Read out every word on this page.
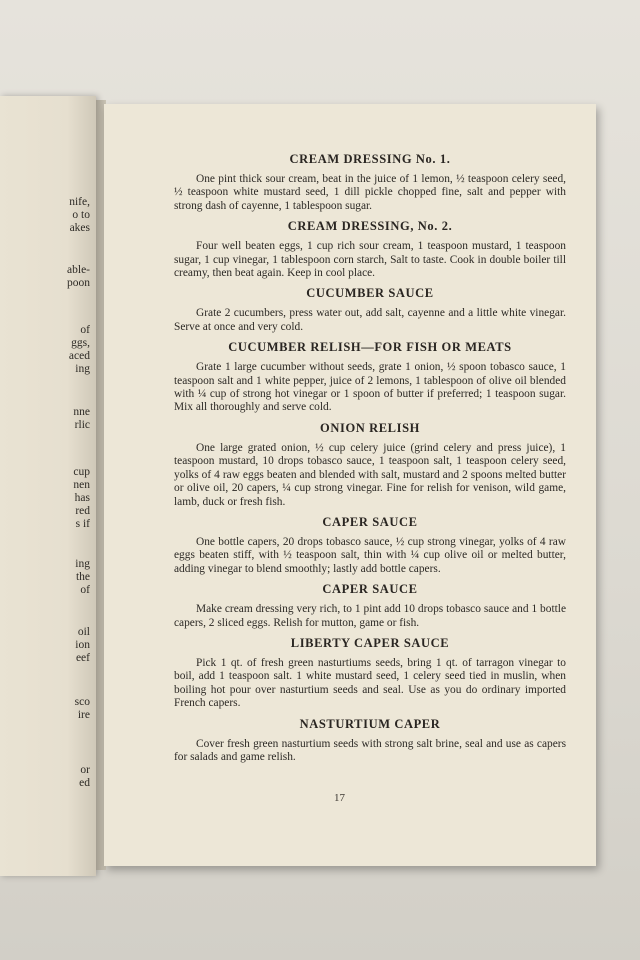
nife,
o to
akes
able-
poon
of
ggs,
aced
ing
nne
rlic
cup
nen
has
red
s if
ing
the
of
oil
ion
eef
sco
ire
or
ed
CREAM DRESSING No. 1.

One pint thick sour cream, beat in the juice of 1 lemon, ½ teaspoon celery seed, ½ teaspoon white mustard seed, 1 dill pickle chopped fine, salt and pepper with strong dash of cayenne, 1 tablespoon sugar.

CREAM DRESSING, No. 2.

Four well beaten eggs, 1 cup rich sour cream, 1 teaspoon mustard, 1 teaspoon sugar, 1 cup vinegar, 1 tablespoon corn starch, Salt to taste. Cook in double boiler till creamy, then beat again. Keep in cool place.

CUCUMBER SAUCE

Grate 2 cucumbers, press water out, add salt, cayenne and a little white vinegar. Serve at once and very cold.

CUCUMBER RELISH—FOR FISH OR MEATS

Grate 1 large cucumber without seeds, grate 1 onion, ½ spoon tobasco sauce, 1 teaspoon salt and 1 white pepper, juice of 2 lemons, 1 tablespoon of olive oil blended with ¼ cup of strong hot vinegar or 1 spoon of butter if preferred; 1 teaspoon sugar. Mix all thoroughly and serve cold.

ONION RELISH

One large grated onion, ½ cup celery juice (grind celery and press juice), 1 teaspoon mustard, 10 drops tobasco sauce, 1 teaspoon salt, 1 teaspoon celery seed, yolks of 4 raw eggs beaten and blended with salt, mustard and 2 spoons melted butter or olive oil, 20 capers, ¼ cup strong vinegar. Fine for relish for venison, wild game, lamb, duck or fresh fish.

CAPER SAUCE

One bottle capers, 20 drops tobasco sauce, ½ cup strong vinegar, yolks of 4 raw eggs beaten stiff, with ½ teaspoon salt, thin with ¼ cup olive oil or melted butter, adding vinegar to blend smoothly; lastly add bottle capers.

CAPER SAUCE

Make cream dressing very rich, to 1 pint add 10 drops tobasco sauce and 1 bottle capers, 2 sliced eggs. Relish for mutton, game or fish.

LIBERTY CAPER SAUCE

Pick 1 qt. of fresh green nasturtiums seeds, bring 1 qt. of tarragon vinegar to boil, add 1 teaspoon salt. 1 white mustard seed, 1 celery seed tied in muslin, when boiling hot pour over nasturtium seeds and seal. Use as you do ordinary imported French capers.

NASTURTIUM CAPER

Cover fresh green nasturtium seeds with strong salt brine, seal and use as capers for salads and game relish.

17
